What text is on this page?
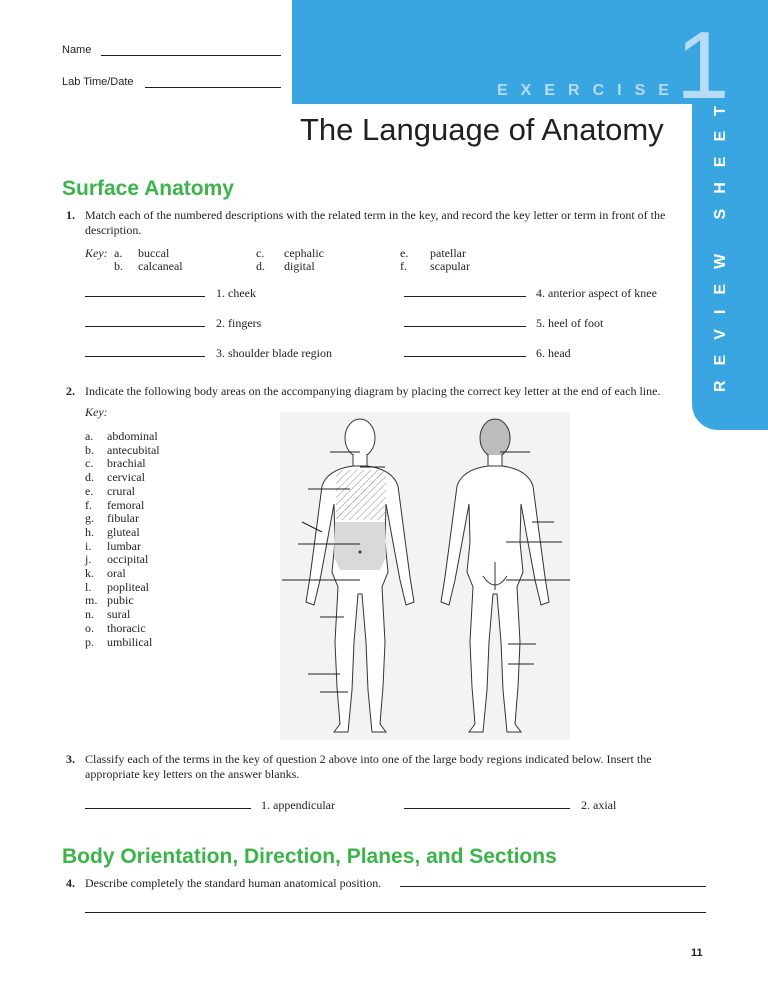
EXERCISE
1
REVIEW SHEET
Name
Lab Time/Date
The Language of Anatomy
Surface Anatomy
1. Match each of the numbered descriptions with the related term in the key, and record the key letter or term in front of the description.
Key: a. buccal
b. calcaneal
c. cephalic
d. digital
e. patellar
f. scapular
1. cheek
2. fingers
3. shoulder blade region
4. anterior aspect of knee
5. heel of foot
6. head
2. Indicate the following body areas on the accompanying diagram by placing the correct key letter at the end of each line.
Key:
a.
b.
c.
d.
e.
f.
g.
h.
i.
j.
k.
l.
m.
n.
o.
p.
abdominal
antecubital
brachial
cervical
crural
femoral
fibular
gluteal
lumbar
occipital
oral
popliteal
pubic
sural
thoracic
umbilical
3. Classify each of the terms in the key of question 2 above into one of the large body regions indicated below. Insert the appropriate key letters on the answer blanks.
1. appendicular	2. axial
Body Orientation, Direction, Planes, and Sections
4. Describe completely the standard human anatomical position.
11
